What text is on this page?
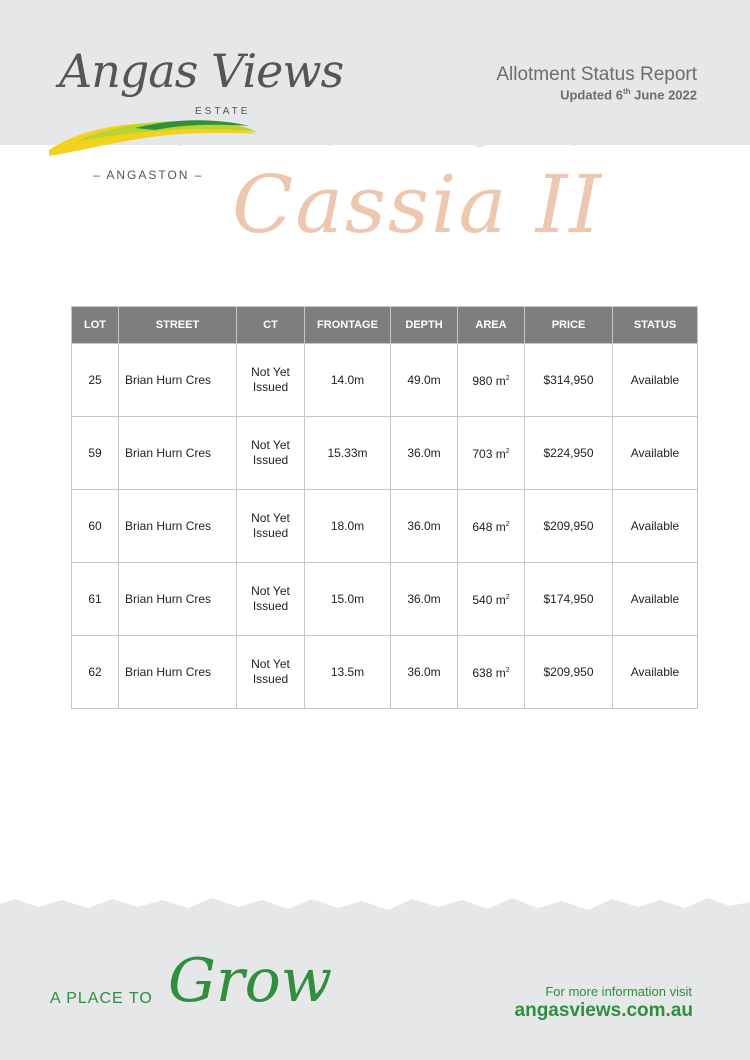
Angas Views
ESTATE
– ANGASTON –
Allotment Status Report
Updated 6th June 2022
Cassia II
LOT	STREET	CT	FRONTAGE	DEPTH	AREA	PRICE	STATUS
25	Brian Hurn Cres	Not Yet
Issued	14.0m	49.0m	980 $m^2$	$314,950	Available
59	Brian Hurn Cres	Not Yet
Issued	15.33m	36.0m	703 $m^2$	$224,950	Available
60	Brian Hurn Cres	Not Yet
Issued	18.0m	36.0m	648 $m^2$	$209,950	Available
61	Brian Hurn Cres	Not Yet
Issued	15.0m	36.0m	540 $m^2$	$174,950	Available
62	Brian Hurn Cres	Not Yet
Issued	13.5m	36.0m	638 $m^2$	$209,950	Available
A PLACE TO Grow	For more information visit
angasviews.com.au
